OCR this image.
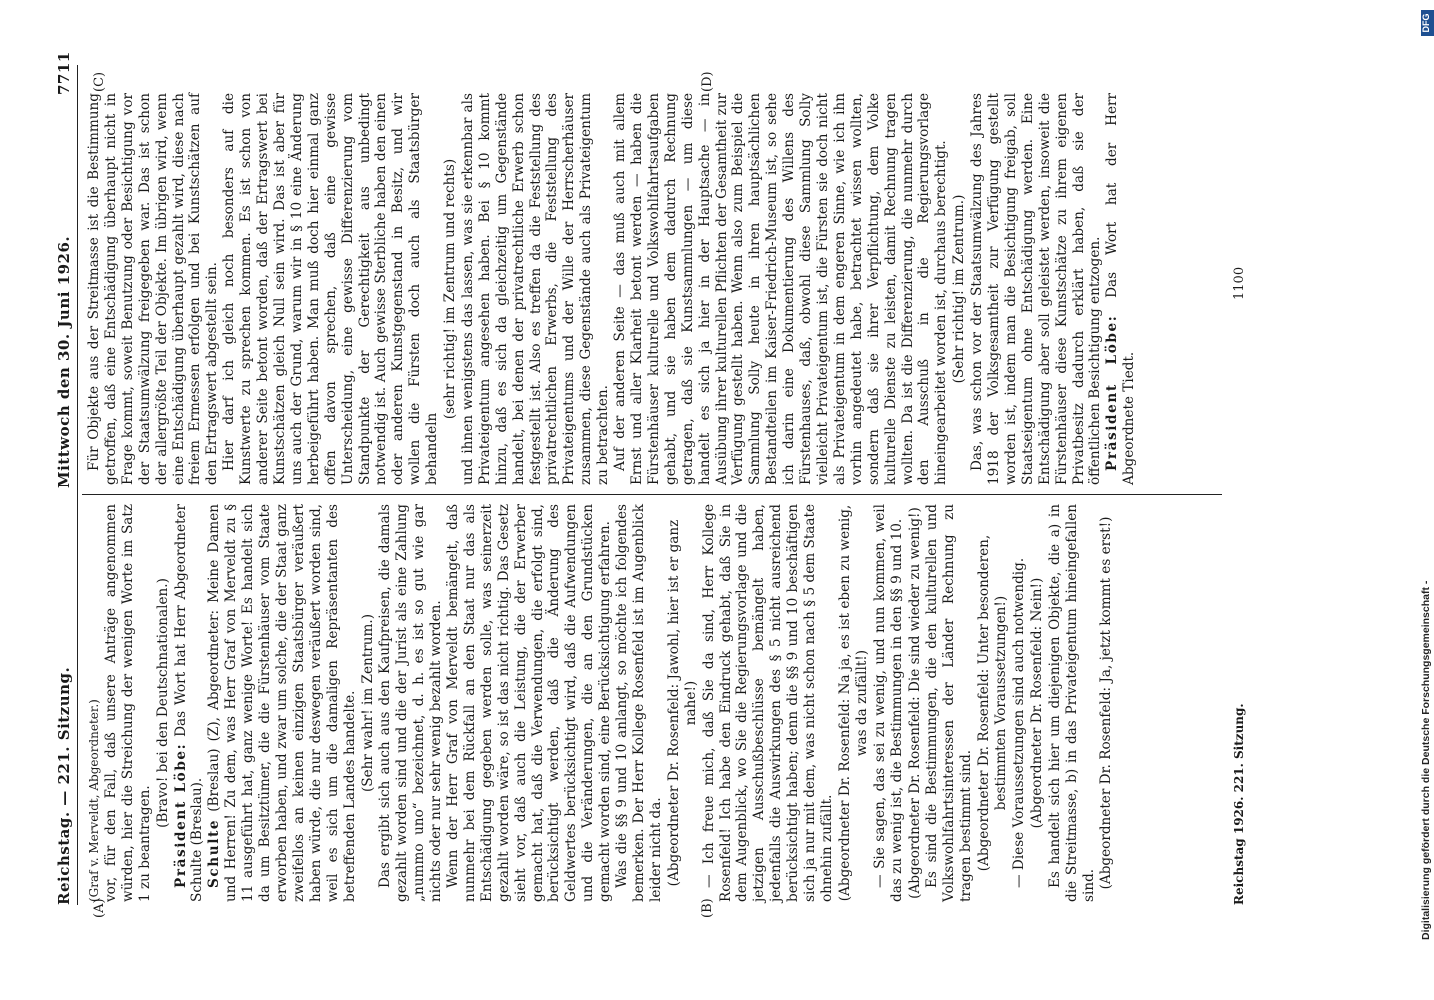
Reichstag. — 221. Sitzung.
Mittwoch den 30. Juni 1926.
7711
(A)	(B)
(C)	(D)

(Graf v. Merveldt, Abgeordneter.) vor, für den Fall, daß unsere Anträge angenommen würden, hier die Streichung der wenigen Worte im Satz 1 zu beantragen.

(Bravo! bei den Deutschnationalen.) Präsident Löbe: Das Wort hat Herr Abgeordneter Schulte (Breslau). Schulte (Breslau) (Z), Abgeordneter: Meine Damen und Herren! Zu dem, was Herr Graf von Merveldt zu § 11 ausgeführt hat, ganz wenige Worte! Es handelt sich da um Besitztümer, die die Fürstenhäuser vom Staate erworben haben, und zwar um solche, die der Staat ganz zweifellos an keinen einzigen Staatsbürger veräußert haben würde, die nur deswegen veräußert worden sind, weil es sich um die damaligen Repräsentanten des betreffenden Landes handelte. (Sehr wahr! im Zentrum.) Das ergibt sich auch aus den Kaufpreisen, die damals gezahlt worden sind und die der Jurist als eine Zahlung „nummo uno“ bezeichnet, d. h. es ist so gut wie gar nichts oder nur sehr wenig bezahlt worden. Wenn der Herr Graf von Merveldt bemängelt, daß nunmehr bei dem Rückfall an den Staat nur das als Entschädigung gegeben werden solle, was seinerzeit gezahlt worden wäre, so ist das nicht richtig. Das Gesetz sieht vor, daß auch die Leistung, die der Erwerber gemacht hat, daß die Verwendungen, die erfolgt sind, berücksichtigt werden, daß die Änderung des Geldwertes berücksichtigt wird, daß die Aufwendungen und die Veränderungen, die an den Grundstücken gemacht worden sind, eine Berücksichtigung erfahren. Was die §§ 9 und 10 anlangt, so möchte ich folgendes bemerken. Der Herr Kollege Rosenfeld ist im Augenblick leider nicht da. (Abgeordneter Dr. Rosenfeld: Jawohl, hier ist er ganz nahe!) — Ich freue mich, daß Sie da sind, Herr Kollege Rosenfeld! Ich habe den Eindruck gehabt, daß Sie in dem Augenblick, wo Sie die Regierungsvorlage und die jetzigen Ausschußbeschlüsse bemängelt haben, jedenfalls die Auswirkungen des § 5 nicht ausreichend berücksichtigt haben; denn die §§ 9 und 10 beschäftigen sich ja nur mit dem, was nicht schon nach § 5 dem Staate ohnehin zufällt. (Abgeordneter Dr. Rosenfeld: Na ja, es ist eben zu wenig, was da zufällt!) — Sie sagen, das sei zu wenig, und nun kommen, weil das zu wenig ist, die Bestimmungen in den §§ 9 und 10. (Abgeordneter Dr. Rosenfeld: Die sind wieder zu wenig!) Es sind die Bestimmungen, die den kulturellen und Volkswohlfahrtsinteressen der Länder Rechnung zu tragen bestimmt sind. (Abgeordneter Dr. Rosenfeld: Unter besonderen, bestimmten Voraussetzungen!) — Diese Voraussetzungen sind auch notwendig. (Abgeordneter Dr. Rosenfeld: Nein!) Es handelt sich hier um diejenigen Objekte, die a) in die Streitmasse, b) in das Privateigentum hineingefallen sind. (Abgeordneter Dr. Rosenfeld: Ja, jetzt kommt es erst!)

Für Objekte aus der Streitmasse ist die Bestimmung getroffen, daß eine Entschädigung überhaupt nicht in Frage kommt, soweit Benutzung oder Besichtigung vor der Staatsumwälzung freigegeben war. Das ist schon der allergrößte Teil der Objekte. Im übrigen wird, wenn eine Entschädigung überhaupt gezahlt wird, diese nach freiem Ermessen erfolgen und bei Kunstschätzen auf den Ertragswert abgestellt sein. Hier darf ich gleich noch besonders auf die Kunstwerte zu sprechen kommen. Es ist schon von anderer Seite betont worden, daß der Ertragswert bei Kunstschätzen gleich Null sein wird. Das ist aber für uns auch der Grund, warum wir in § 10 eine Änderung herbeigeführt haben. Man muß doch hier einmal ganz offen davon sprechen, daß eine gewisse Unterscheidung, eine gewisse Differenzierung vom Standpunkte der Gerechtigkeit aus unbedingt notwendig ist. Auch gewisse Sterbliche haben den einen oder anderen Kunstgegenstand in Besitz, und wir wollen die Fürsten doch auch als Staatsbürger behandeln

(sehr richtig! im Zentrum und rechts) und ihnen wenigstens das lassen, was sie erkennbar als Privateigentum angesehen haben. Bei § 10 kommt hinzu, daß es sich da gleichzeitig um Gegenstände handelt, bei denen der privatrechtliche Erwerb schon festgestellt ist. Also es treffen da die Feststellung des privatrechtlichen Erwerbs, die Feststellung des Privateigentums und der Wille der Herrscherhäuser zusammen, diese Gegenstände auch als Privateigentum zu betrachten. Auf der anderen Seite — das muß auch mit allem Ernst und aller Klarheit betont werden — haben die Fürstenhäuser kulturelle und Volkswohlfahrtsaufgaben gehabt, und sie haben dem dadurch Rechnung getragen, daß sie Kunstsammlungen — um diese handelt es sich ja hier in der Hauptsache — in Ausübung ihrer kulturellen Pflichten der Gesamtheit zur Verfügung gestellt haben. Wenn also zum Beispiel die Sammlung Solly heute in ihren hauptsächlichen Bestandteilen im Kaiser-Friedrich-Museum ist, so sehe ich darin eine Dokumentierung des Willens des Fürstenhauses, daß, obwohl diese Sammlung Solly vielleicht Privateigentum ist, die Fürsten sie doch nicht als Privateigentum in dem engeren Sinne, wie ich ihn vorhin angedeutet habe, betrachtet wissen wollten, sondern daß sie ihrer Verpflichtung, dem Volke kulturelle Dienste zu leisten, damit Rechnung tragen wollten. Da ist die Differenzierung, die nunmehr durch den Ausschuß in die Regierungsvorlage hineingearbeitet worden ist, durchaus berechtigt. (Sehr richtig! im Zentrum.) Das, was schon vor der Staatsumwälzung des Jahres 1918 der Volksgesamtheit zur Verfügung gestellt worden ist, indem man die Besichtigung freigab, soll Staatseigentum ohne Entschädigung werden. Eine Entschädigung aber soll geleistet werden, insoweit die Fürstenhäuser diese Kunstschätze zu ihrem eigenen Privatbesitz dadurch erklärt haben, daß sie der öffentlichen Besichtigung entzogen. Präsident Löbe: Das Wort hat der Herr Abgeordnete Tiedt.

Reichstag 1926. 221. Sitzung.
1100
DFG
Digitalisierung gefördert durch die Deutsche Forschungsgemeinschaft -
